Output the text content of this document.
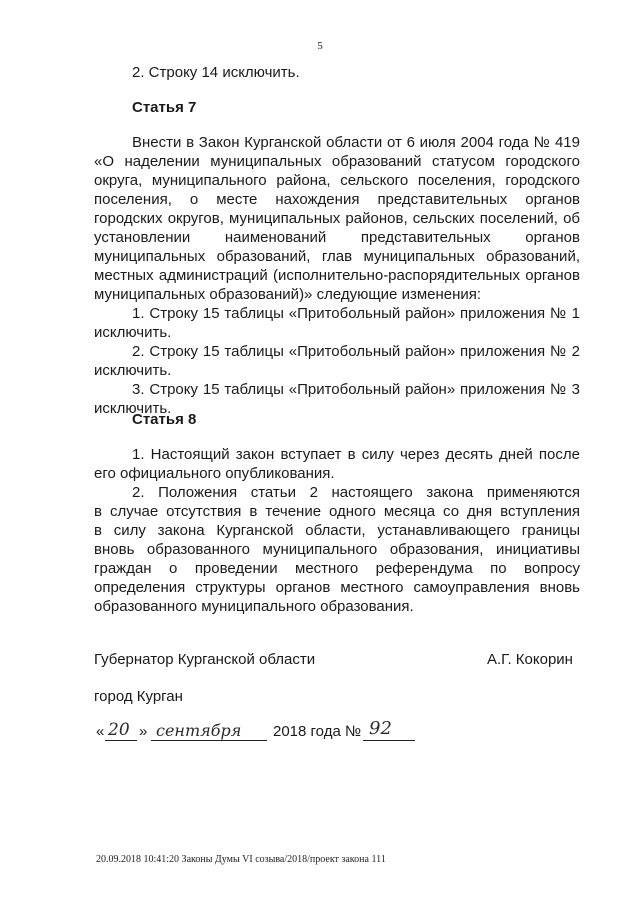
5
2. Строку 14 исключить.
Статья 7
Внести в Закон Курганской области от 6 июля 2004 года № 419
«О наделении муниципальных образований статусом городского
округа, муниципального района, сельского поселения, городского
поселения, о месте нахождения представительных органов
городских округов, муниципальных районов, сельских поселений, об
установлении наименований представительных органов
муниципальных образований, глав муниципальных образований,
местных администраций (исполнительно-распорядительных органов
муниципальных образований)» следующие изменения:
1. Строку 15 таблицы «Притобольный район» приложения № 1
исключить.
2. Строку 15 таблицы «Притобольный район» приложения № 2
исключить.
3. Строку 15 таблицы «Притобольный район» приложения № 3
исключить.
Статья 8
1. Настоящий закон вступает в силу через десять дней после
его официального опубликования.
2. Положения статьи 2 настоящего закона применяются
в случае отсутствия в течение одного месяца со дня вступления
в силу закона Курганской области, устанавливающего границы
вновь образованного муниципального образования, инициативы
граждан о проведении местного референдума по вопросу
определения структуры органов местного самоуправления вновь
образованного муниципального образования.
Губернатор Курганской области	А.Г. Кокорин
город Курган
« 20 » сентября 2018 года № 92
20.09.2018 10:41:20 Законы Думы VI созыва/2018/проект закона 111
